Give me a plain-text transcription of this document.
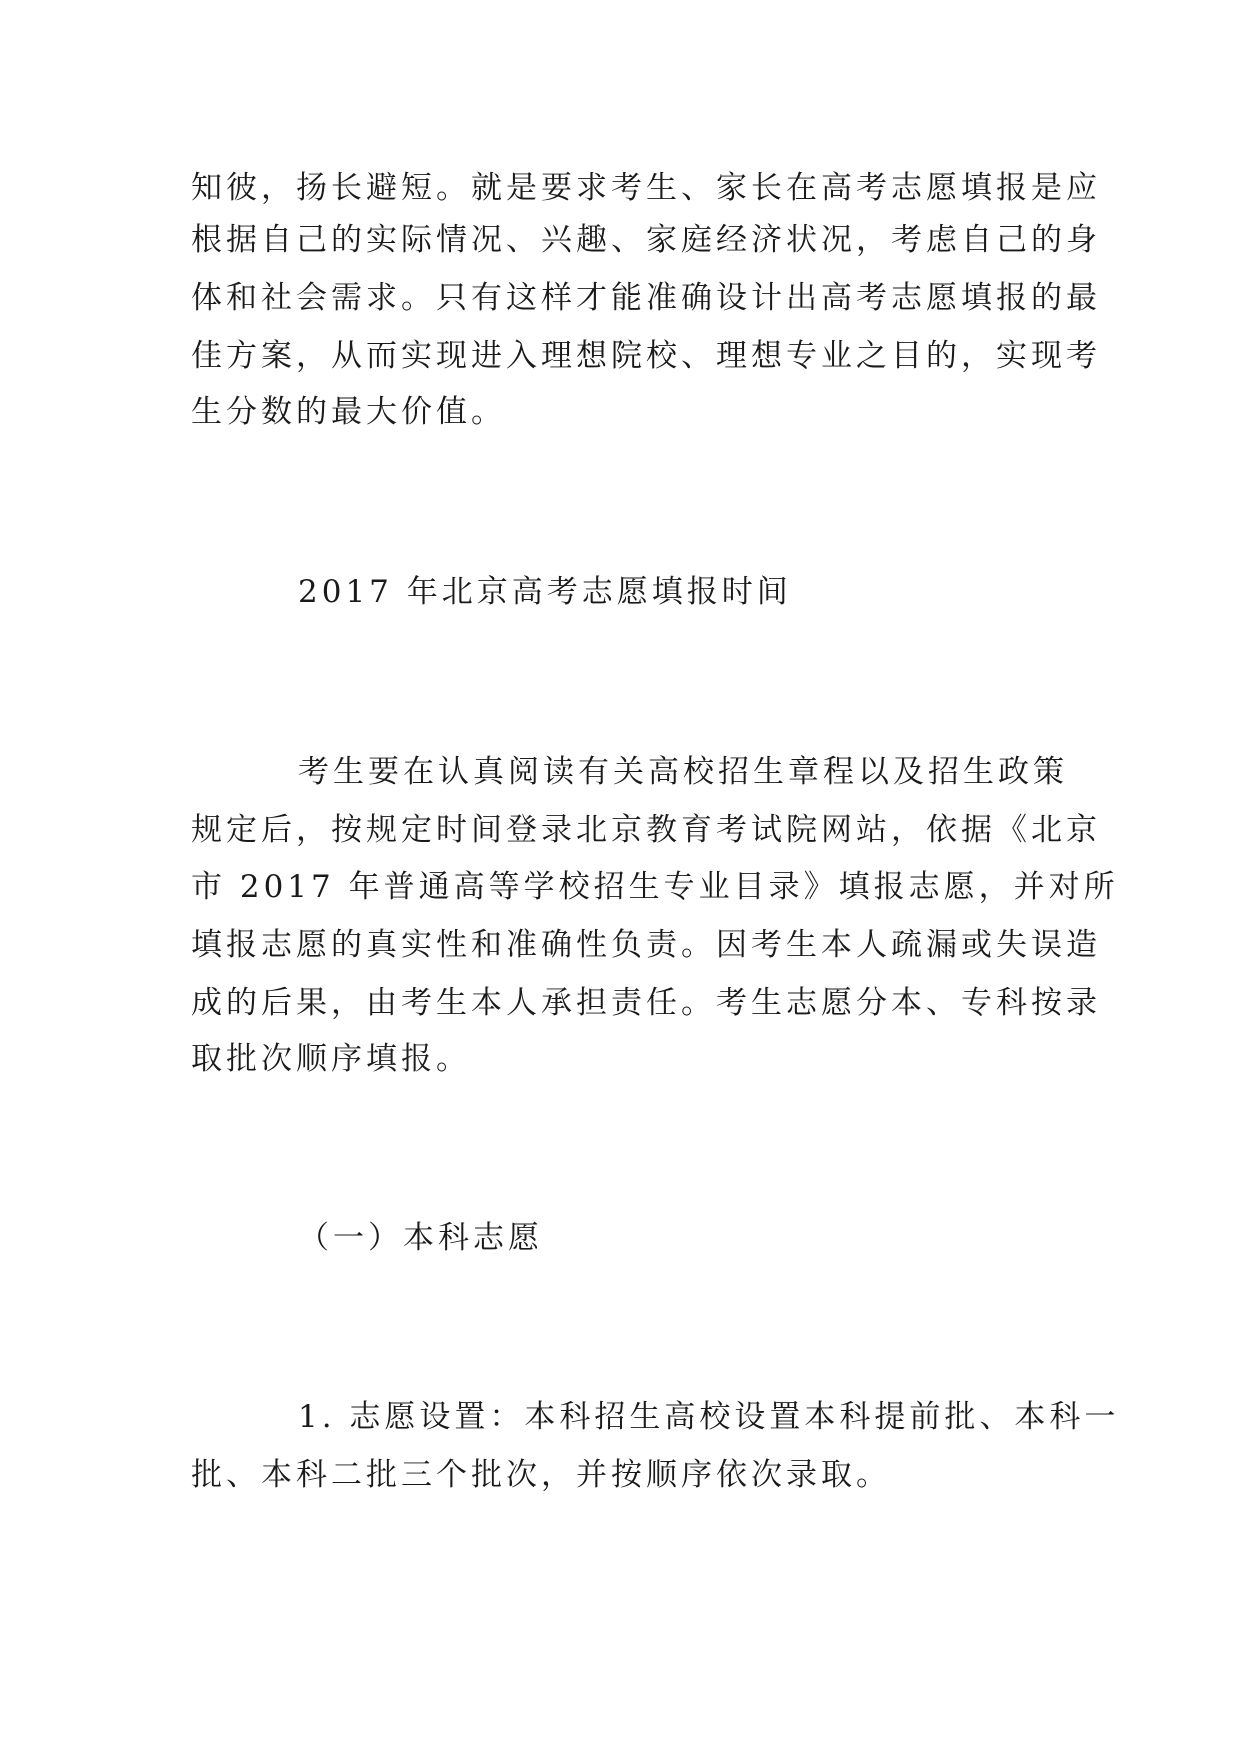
知彼，扬长避短。就是要求考生、家长在高考志愿填报是应

根据自己的实际情况、兴趣、家庭经济状况，考虑自己的身

体和社会需求。只有这样才能准确设计出高考志愿填报的最

佳方案，从而实现进入理想院校、理想专业之目的，实现考

生分数的最大价值。

2017 年北京高考志愿填报时间

考生要在认真阅读有关高校招生章程以及招生政策

规定后，按规定时间登录北京教育考试院网站，依据《北京

市 2017 年普通高等学校招生专业目录》填报志愿，并对所

填报志愿的真实性和准确性负责。因考生本人疏漏或失误造

成的后果，由考生本人承担责任。考生志愿分本、专科按录

取批次顺序填报。

（一）本科志愿

1. 志愿设置：本科招生高校设置本科提前批、本科一

批、本科二批三个批次，并按顺序依次录取。
